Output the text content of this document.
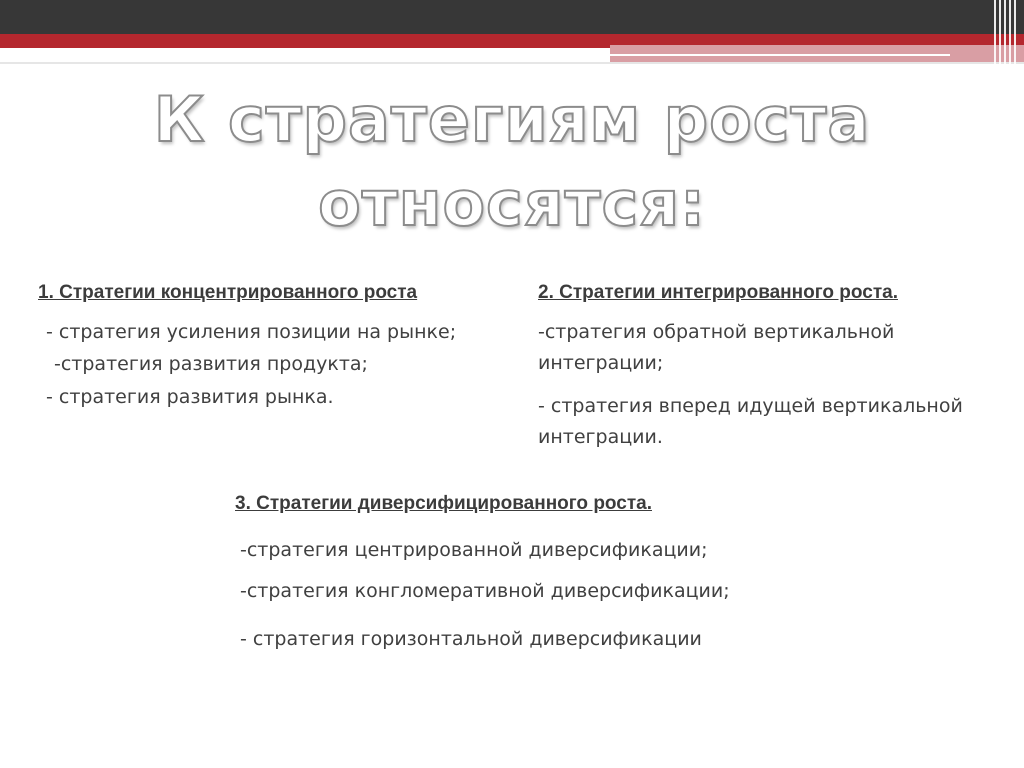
К стратегиям роста
относятся:
1. Стратегии концентрированного роста
- стратегия усиления позиции на рынке;
-стратегия развития продукта;
- стратегия развития рынка.
2. Стратегии интегрированного роста.
-стратегия обратной вертикальной
интеграции;
- стратегия вперед идущей вертикальной
интеграции.
3. Стратегии диверсифицированного роста.
-стратегия центрированной диверсификации;
-стратегия конгломеративной диверсификации;
- стратегия горизонтальной диверсификации
